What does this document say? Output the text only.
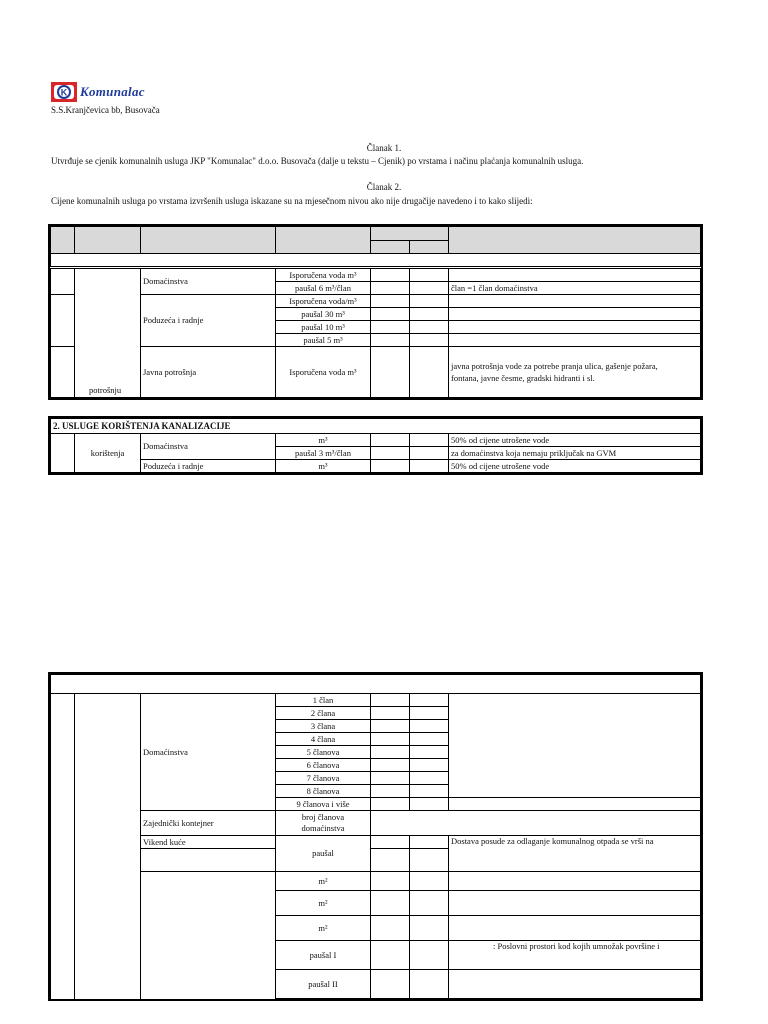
K Komunalac
S.S.Kranjčevica bb, Busovača
Članak 1.
Utvrđuje se cjenik komunalnih usluga JKP "Komunalac" d.o.o. Busovača (dalje u tekstu – Cjenik) po vrstama i načinu plaćanja komunalnih usluga.
Članak 2.
Cijene komunalnih usluga po vrstama izvršenih usluga iskazane su na mjesečnom nivou ako nije drugačije navedeno i to kako slijedi:

		Domaćinstva	Isporučena voda m³			
			paušal 6 m³/član			član =1 član domaćinstva
		Poduzeća i radnje	Isporučena voda/m³			
			paušal 30 m³			
			paušal 10 m³			
			paušal 5 m³			
		Javna potrošnja	Isporučena voda m³			javna potrošnja vode za potrebe pranja ulica, gašenje požara,
fontana, javne česme, gradski hidranti i sl.
potrošnju
2. USLUGE KORIŠTENJA KANALIZACIJE						
	korištenja	Domaćinstva	m³			50% od cijene utrošene vode
			paušal 3 m³/član			za domaćinstva koja nemaju priključak na GVM
		Poduzeća i radnje	m³			50% od cijene utrošene vode

		Domaćinstva	1 član			
			2 člana			
			3 člana			
			4 člana			
			5 članova			
			6 članova			
			7 članova			
			8 članova			
			9 članova i više			
		Zajednički kontejner	broj članova
domaćinstva			
		Vikend kuće	paušal			Dostava posude za odlaganje komunalnog otpada se vrši na

			m²			
			m²			
			m²			
			paušal I			: Poslovni prostori kod kojih umnožak površine i
			paušal II			
